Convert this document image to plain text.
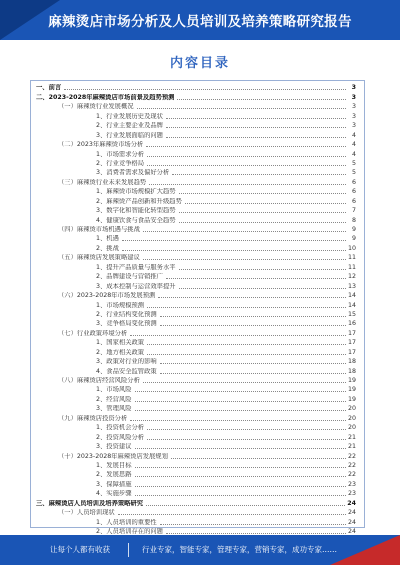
麻辣烫店市场分析及人员培训及培养策略研究报告
内容目录
一、前言	3
二、2023-2028年麻辣烫店市场前景及趋势预测	3
（一）麻辣烫行业发展概况	3
1、行业发展历史及现状	3
2、行业主要企业及品牌	3
3、行业发展面临的问题	4
（二）2023年麻辣烫市场分析	4
1、市场需求分析	4
2、行业竞争格局	5
3、消费者需求及偏好分析	5
（三）麻辣烫行业未来发展趋势	6
1、麻辣烫市场规模扩大趋势	6
2、麻辣烫产品创新和升级趋势	6
3、数字化和智能化转型趋势	7
4、健康饮食与食品安全趋势	8
（四）麻辣烫市场机遇与挑战	9
1、机遇	9
2、挑战	10
（五）麻辣烫店发展策略建议	11
1、提升产品质量与服务水平	11
2、品牌建设与营销推广	12
3、成本控制与运营效率提升	13
（六）2023-2028年市场发展预测	14
1、市场规模预测	14
2、行业结构变化预测	15
3、竞争格局变化预测	16
（七）行业政策环境分析	17
1、国家相关政策	17
2、地方相关政策	17
3、政策对行业的影响	18
4、食品安全监管政策	18
（八）麻辣烫店经营风险分析	19
1、市场风险	19
2、经营风险	19
3、管理风险	20
（九）麻辣烫店投资分析	20
1、投资机会分析	20
2、投资风险分析	21
3、投资建议	21
（十）2023-2028年麻辣烫店发展规划	22
1、发展目标	22
2、发展思路	22
3、保障措施	23
4、实施步骤	23
三、麻辣烫店人员培训及培养策略研究	24
（一）人员培训现状	24
1、人员培训的重要性	24
2、人员培训存在的问题	24
让每个人都有收获	行业专家，智能专家，管理专家，营销专家，成功专家……
